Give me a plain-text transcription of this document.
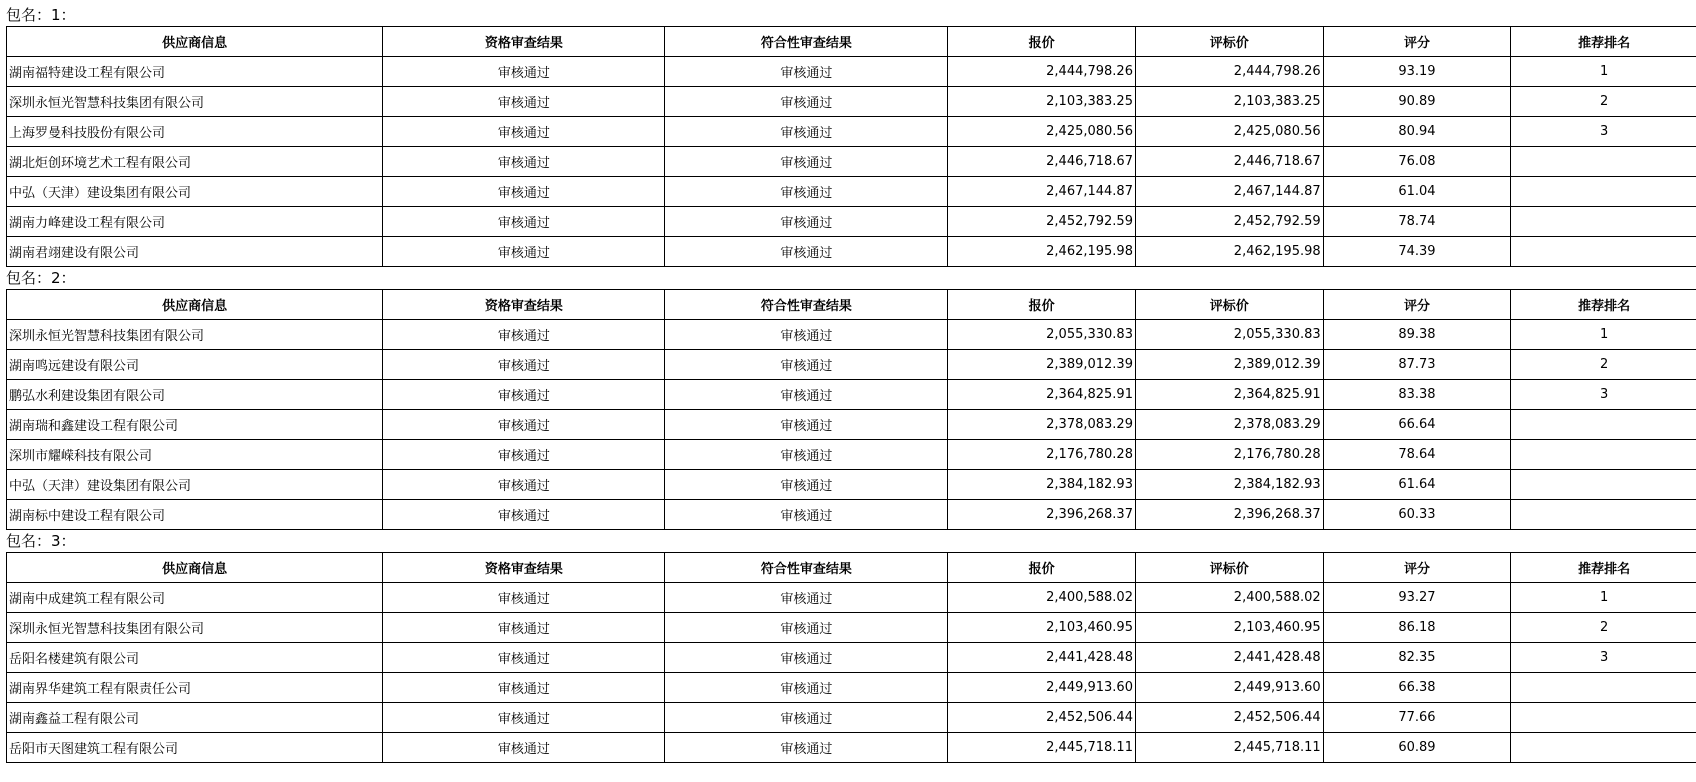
包名：1：
供应商信息	资格审查结果	符合性审查结果	报价	评标价	评分	推荐排名
湖南福特建设工程有限公司	审核通过	审核通过	2,444,798.26	2,444,798.26	93.19	1
深圳永恒光智慧科技集团有限公司	审核通过	审核通过	2,103,383.25	2,103,383.25	90.89	2
上海罗曼科技股份有限公司	审核通过	审核通过	2,425,080.56	2,425,080.56	80.94	3
湖北炬创环境艺术工程有限公司	审核通过	审核通过	2,446,718.67	2,446,718.67	76.08	
中弘（天津）建设集团有限公司	审核通过	审核通过	2,467,144.87	2,467,144.87	61.04	
湖南力峰建设工程有限公司	审核通过	审核通过	2,452,792.59	2,452,792.59	78.74	
湖南君翊建设有限公司	审核通过	审核通过	2,462,195.98	2,462,195.98	74.39	
包名：2：
供应商信息	资格审查结果	符合性审查结果	报价	评标价	评分	推荐排名
深圳永恒光智慧科技集团有限公司	审核通过	审核通过	2,055,330.83	2,055,330.83	89.38	1
湖南鸣远建设有限公司	审核通过	审核通过	2,389,012.39	2,389,012.39	87.73	2
鹏弘水利建设集团有限公司	审核通过	审核通过	2,364,825.91	2,364,825.91	83.38	3
湖南瑞和鑫建设工程有限公司	审核通过	审核通过	2,378,083.29	2,378,083.29	66.64	
深圳市耀嵘科技有限公司	审核通过	审核通过	2,176,780.28	2,176,780.28	78.64	
中弘（天津）建设集团有限公司	审核通过	审核通过	2,384,182.93	2,384,182.93	61.64	
湖南标中建设工程有限公司	审核通过	审核通过	2,396,268.37	2,396,268.37	60.33	
包名：3：
供应商信息	资格审查结果	符合性审查结果	报价	评标价	评分	推荐排名
湖南中成建筑工程有限公司	审核通过	审核通过	2,400,588.02	2,400,588.02	93.27	1
深圳永恒光智慧科技集团有限公司	审核通过	审核通过	2,103,460.95	2,103,460.95	86.18	2
岳阳名楼建筑有限公司	审核通过	审核通过	2,441,428.48	2,441,428.48	82.35	3
湖南界华建筑工程有限责任公司	审核通过	审核通过	2,449,913.60	2,449,913.60	66.38	
湖南鑫益工程有限公司	审核通过	审核通过	2,452,506.44	2,452,506.44	77.66	
岳阳市天图建筑工程有限公司	审核通过	审核通过	2,445,718.11	2,445,718.11	60.89	
